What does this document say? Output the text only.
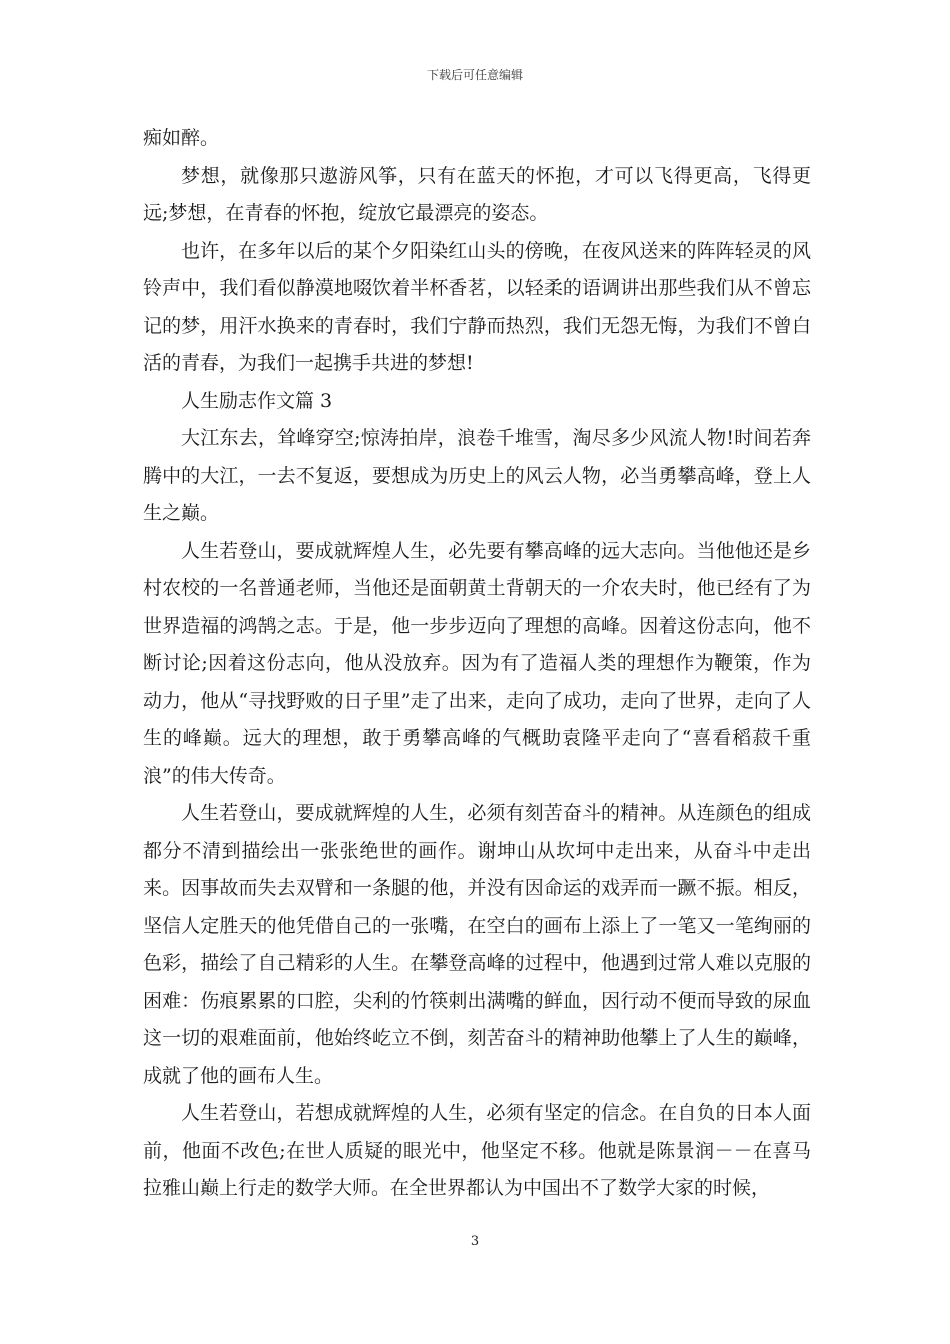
下载后可任意编辑

痴如醉。

梦想，就像那只遨游风筝，只有在蓝天的怀抱，才可以飞得更高，飞得更远;梦想，在青春的怀抱，绽放它最漂亮的姿态。

也许，在多年以后的某个夕阳染红山头的傍晚，在夜风送来的阵阵轻灵的风铃声中，我们看似静漠地啜饮着半杯香茗，以轻柔的语调讲出那些我们从不曾忘记的梦，用汗水换来的青春时，我们宁静而热烈，我们无怨无悔，为我们不曾白活的青春，为我们一起携手共进的梦想!

人生励志作文篇 3

大江东去，耸峰穿空;惊涛拍岸，浪卷千堆雪，淘尽多少风流人物!时间若奔腾中的大江，一去不复返，要想成为历史上的风云人物，必当勇攀高峰，登上人生之巅。

人生若登山，要成就辉煌人生，必先要有攀高峰的远大志向。当他他还是乡村农校的一名普通老师，当他还是面朝黄土背朝天的一介农夫时，他已经有了为世界造福的鸿鹄之志。于是，他一步步迈向了理想的高峰。因着这份志向，他不断讨论;因着这份志向，他从没放弃。因为有了造福人类的理想作为鞭策，作为动力，他从“寻找野败的日子里”走了出来，走向了成功，走向了世界，走向了人生的峰巅。远大的理想，敢于勇攀高峰的气概助袁隆平走向了“喜看稻菽千重浪”的伟大传奇。

人生若登山，要成就辉煌的人生，必须有刻苦奋斗的精神。从连颜色的组成都分不清到描绘出一张张绝世的画作。谢坤山从坎坷中走出来，从奋斗中走出来。因事故而失去双臂和一条腿的他，并没有因命运的戏弄而一蹶不振。相反，坚信人定胜天的他凭借自己的一张嘴，在空白的画布上添上了一笔又一笔绚丽的色彩，描绘了自己精彩的人生。在攀登高峰的过程中，他遇到过常人难以克服的困难：伤痕累累的口腔，尖利的竹筷刺出满嘴的鲜血，因行动不便而导致的尿血这一切的艰难面前，他始终屹立不倒，刻苦奋斗的精神助他攀上了人生的巅峰，成就了他的画布人生。

人生若登山，若想成就辉煌的人生，必须有坚定的信念。在自负的日本人面前，他面不改色;在世人质疑的眼光中，他坚定不移。他就是陈景润－－在喜马拉雅山巅上行走的数学大师。在全世界都认为中国出不了数学大家的时候，

3
